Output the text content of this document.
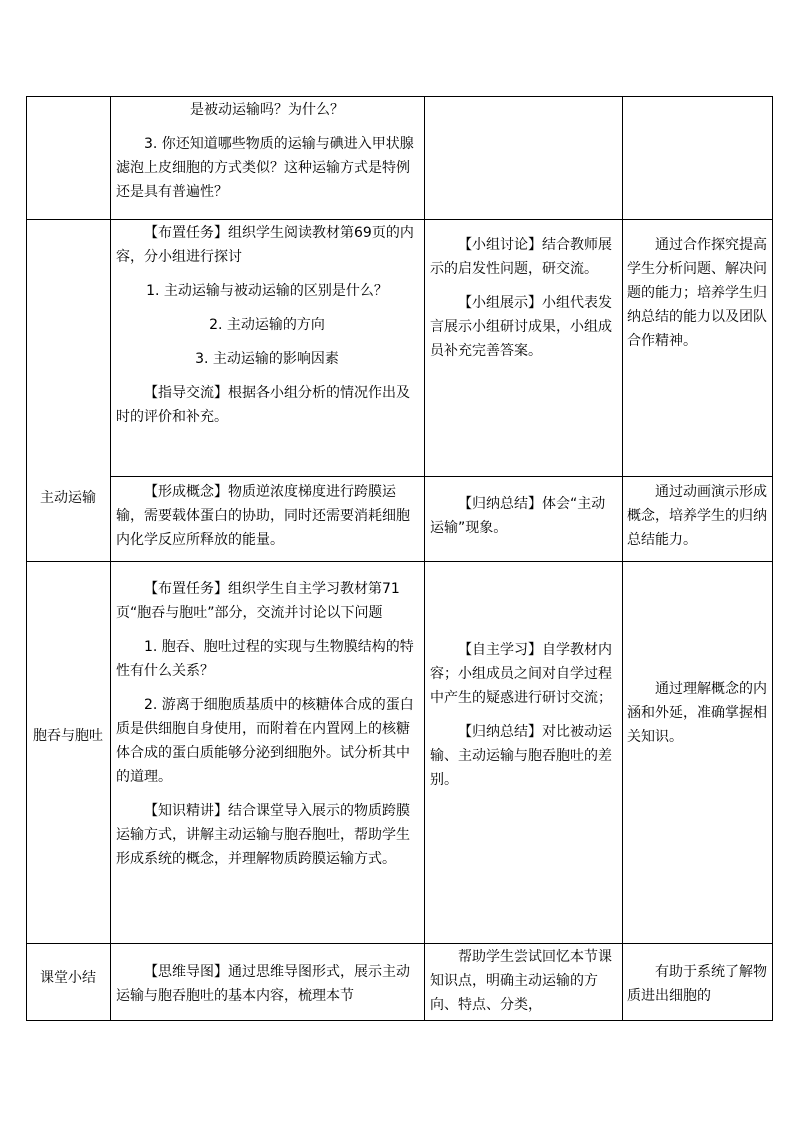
是被动运输吗？为什么？

3. 你还知道哪些物质的运输与碘进入甲状腺滤泡上皮细胞的方式类似？这种运输方式是特例还是具有普遍性？

主动运输

【布置任务】组织学生阅读教材第69页的内容，分小组进行探讨

1. 主动运输与被动运输的区别是什么？

2. 主动运输的方向

3. 主动运输的影响因素

【指导交流】根据各小组分析的情况作出及时的评价和补充。

【小组讨论】结合教师展示的启发性问题，研交流。

【小组展示】小组代表发言展示小组研讨成果，小组成员补充完善答案。

通过合作探究提高学生分析问题、解决问题的能力；培养学生归纳总结的能力以及团队合作精神。

【形成概念】物质逆浓度梯度进行跨膜运输，需要载体蛋白的协助，同时还需要消耗细胞内化学反应所释放的能量。

【归纳总结】体会“主动运输”现象。

通过动画演示形成概念，培养学生的归纳总结能力。

胞吞与胞吐

【布置任务】组织学生自主学习教材第71页“胞吞与胞吐”部分，交流并讨论以下问题

1. 胞吞、胞吐过程的实现与生物膜结构的特性有什么关系？

2. 游离于细胞质基质中的核糖体合成的蛋白质是供细胞自身使用，而附着在内置网上的核糖体合成的蛋白质能够分泌到细胞外。试分析其中的道理。

【知识精讲】结合课堂导入展示的物质跨膜运输方式，讲解主动运输与胞吞胞吐，帮助学生形成系统的概念，并理解物质跨膜运输方式。

【自主学习】自学教材内容；小组成员之间对自学过程中产生的疑惑进行研讨交流；

【归纳总结】对比被动运输、主动运输与胞吞胞吐的差别。

通过理解概念的内涵和外延，准确掌握相关知识。

课堂小结	【思维导图】通过思维导图形式，展示主动运输与胞吞胞吐的基本内容，梳理本节

帮助学生尝试回忆本节课知识点，明确主动运输的方向、特点、分类，

有助于系统了解物质进出细胞的
